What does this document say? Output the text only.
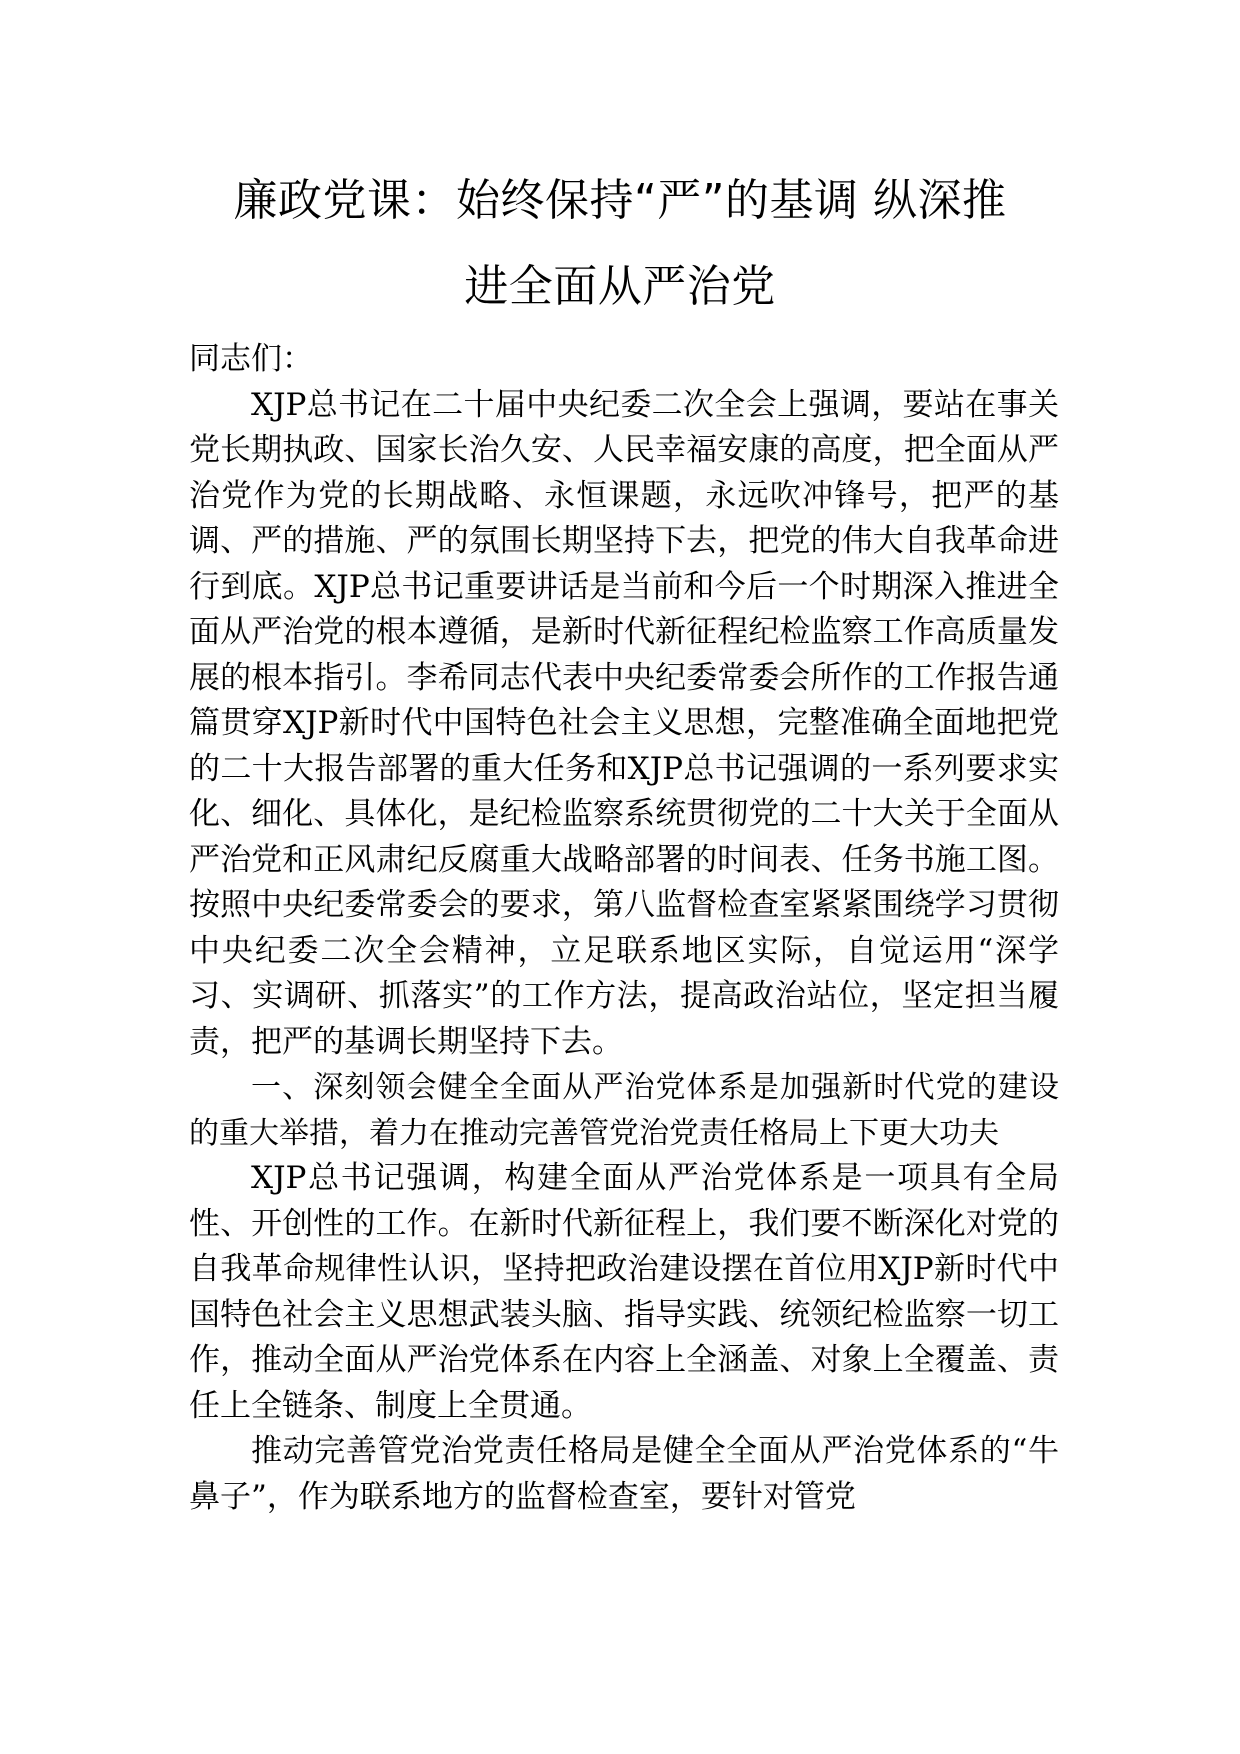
廉政党课：始终保持“严”的基调 纵深推
进全面从严治党

同志们：

XJP总书记在二十届中央纪委二次全会上强调，要站在事关党长期执政、国家长治久安、人民幸福安康的高度，把全面从严治党作为党的长期战略、永恒课题，永远吹冲锋号，把严的基调、严的措施、严的氛围长期坚持下去，把党的伟大自我革命进行到底。XJP总书记重要讲话是当前和今后一个时期深入推进全面从严治党的根本遵循，是新时代新征程纪检监察工作高质量发展的根本指引。李希同志代表中央纪委常委会所作的工作报告通篇贯穿XJP新时代中国特色社会主义思想，完整准确全面地把党的二十大报告部署的重大任务和XJP总书记强调的一系列要求实化、细化、具体化，是纪检监察系统贯彻党的二十大关于全面从严治党和正风肃纪反腐重大战略部署的时间表、任务书施工图。按照中央纪委常委会的要求，第八监督检查室紧紧围绕学习贯彻中央纪委二次全会精神，立足联系地区实际，自觉运用“深学习、实调研、抓落实”的工作方法，提高政治站位，坚定担当履责，把严的基调长期坚持下去。

一、深刻领会健全全面从严治党体系是加强新时代党的建设的重大举措，着力在推动完善管党治党责任格局上下更大功夫

XJP总书记强调，构建全面从严治党体系是一项具有全局性、开创性的工作。在新时代新征程上，我们要不断深化对党的自我革命规律性认识，坚持把政治建设摆在首位用XJP新时代中国特色社会主义思想武装头脑、指导实践、统领纪检监察一切工作，推动全面从严治党体系在内容上全涵盖、对象上全覆盖、责任上全链条、制度上全贯通。

推动完善管党治党责任格局是健全全面从严治党体系的“牛鼻子”，作为联系地方的监督检查室，要针对管党
